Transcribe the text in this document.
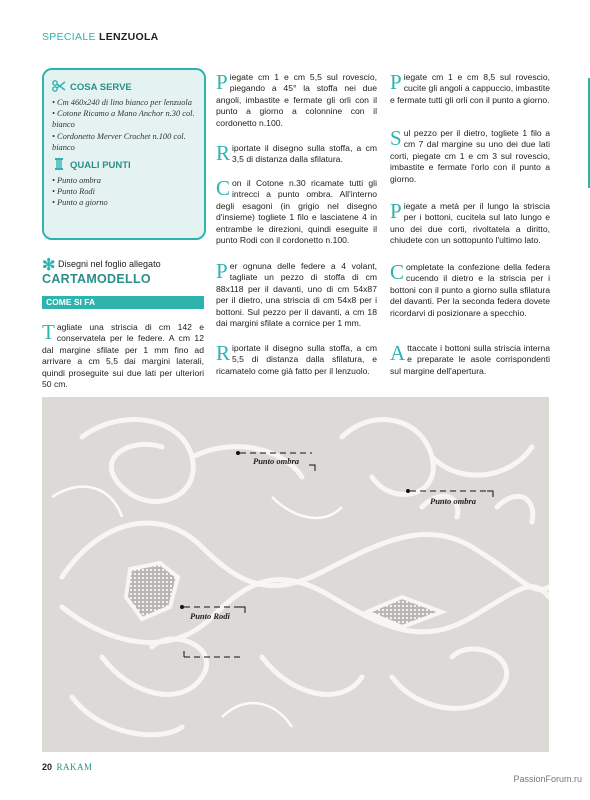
SPECIALE LENZUOLA
COSA SERVE
• Cm 460x240 di lino bianco per lenzuola
• Cotone Ricamo a Mano Anchor n.30 col. bianco
• Cordonetto Merver Crochet n.100 col. bianco
QUALI PUNTI
• Punto ombra
• Punto Rodi
• Punto a giorno
✻ Disegni nel foglio allegato
CARTAMODELLO
COME SI FA
Tagliate una striscia di cm 142 e conservatela per le federe. A cm 12 dal margine sfilate per 1 mm fino ad arrivare a cm 5,5 dai margini laterali, quindi proseguite sui due lati per ulteriori 50 cm.
Piegate cm 1 e cm 5,5 sul rovescio, piegando a 45° la stoffa nei due angoli, imbastite e fermate gli orli con il punto a giorno a colonnine con il cordonetto n.100.
Riportate il disegno sulla stoffa, a cm 3,5 di distanza dalla sfilatura.
Con il Cotone n.30 ricamate tutti gli intrecci a punto ombra. All'interno degli esagoni (in grigio nel disegno d'insieme) togliete 1 filo e lasciatene 4 in entrambe le direzioni, quindi eseguite il punto Rodi con il cordonetto n.100.
Per ognuna delle federe a 4 volant, tagliate un pezzo di stoffa di cm 88x118 per il davanti, uno di cm 54x87 per il dietro, una striscia di cm 54x8 per i bottoni. Sul pezzo per il davanti, a cm 18 dai margini sfilate a cornice per 1 mm.
Riportate il disegno sulla stoffa, a cm 5,5 di distanza dalla sfilatura, e ricamatelo come già fatto per il lenzuolo.
Piegate cm 1 e cm 8,5 sul rovescio, cucite gli angoli a cappuccio, imbastite e fermate tutti gli orli con il punto a giorno.
Sul pezzo per il dietro, togliete 1 filo a cm 7 dal margine su uno dei due lati corti, piegate cm 1 e cm 3 sul rovescio, imbastite e fermate l'orlo con il punto a giorno.
Piegate a metà per il lungo la striscia per i bottoni, cucitela sul lato lungo e uno dei due corti, rivoltatela a diritto, chiudete con un sottopunto l'ultimo lato.
Completate la confezione della federa cucendo il dietro e la striscia per i bottoni con il punto a giorno sulla sfilatura del davanti. Per la seconda federa dovete ricordarvi di posizionare a specchio.
Attaccate i bottoni sulla striscia interna e preparate le asole corrispondenti sul margine dell'apertura.
Punto ombra
Punto ombra
Punto Rodi
20 RAKAM
PassionForum.ru
